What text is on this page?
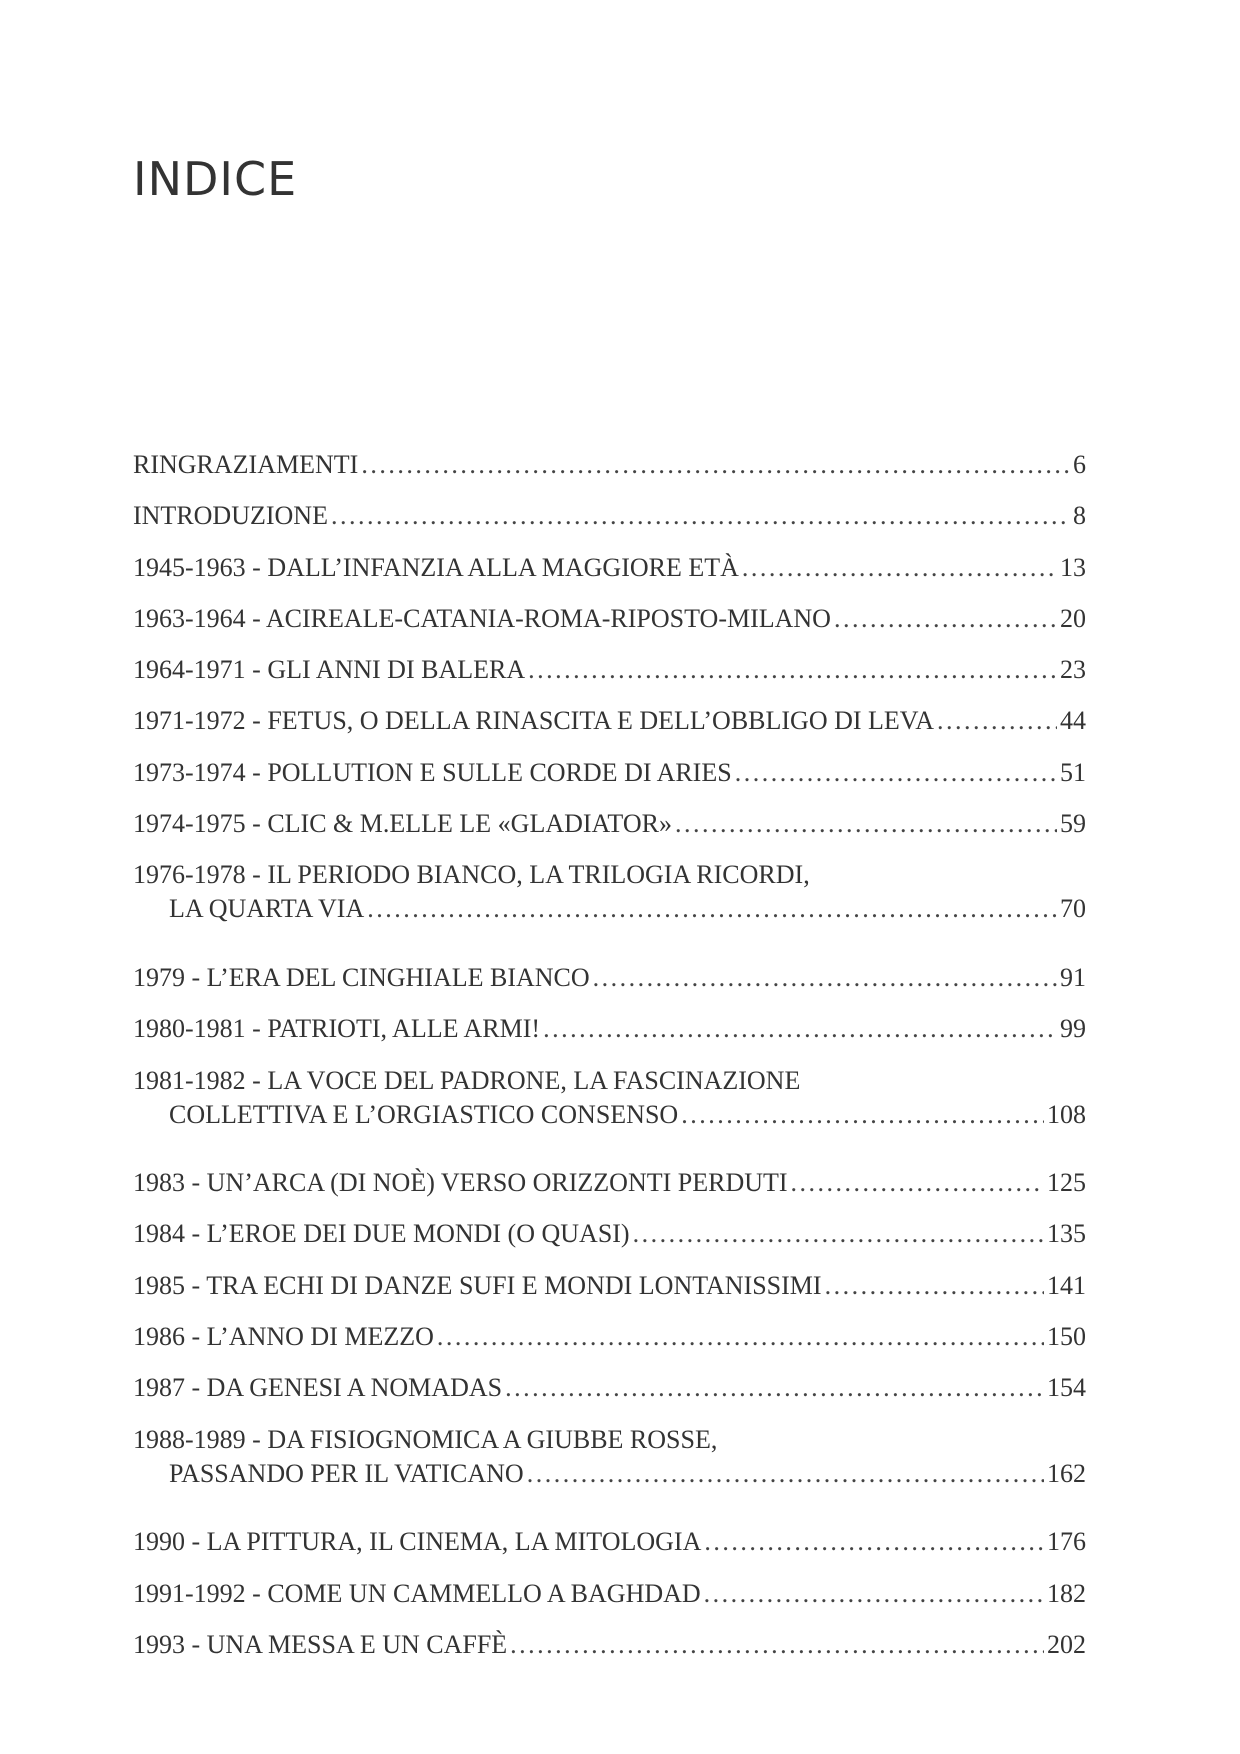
INDICE
RINGRAZIAMENTI . . .	6
INTRODUZIONE . . .	8
1945-1963 - DALL’INFANZIA ALLA MAGGIORE ETÀ . . .	13
1963-1964 - ACIREALE-CATANIA-ROMA-RIPOSTO-MILANO . . .	20
1964-1971 - GLI ANNI DI BALERA . . .	23
1971-1972 - FETUS, O DELLA RINASCITA E DELL’OBBLIGO DI LEVA . . .	44
1973-1974 - POLLUTION E SULLE CORDE DI ARIES . . .	51
1974-1975 - CLIC & M.ELLE LE «GLADIATOR» . . .	59
1976-1978 - IL PERIODO BIANCO, LA TRILOGIA RICORDI,
LA QUARTA VIA . . .	70
1979 - L’ERA DEL CINGHIALE BIANCO . . .	91
1980-1981 - PATRIOTI, ALLE ARMI! . . .	99
1981-1982 - LA VOCE DEL PADRONE, LA FASCINAZIONE
COLLETTIVA E L’ORGIASTICO CONSENSO . . .	108
1983 - UN’ARCA (DI NOÈ) VERSO ORIZZONTI PERDUTI . . .	125
1984 - L’EROE DEI DUE MONDI (O QUASI) . . .	135
1985 - TRA ECHI DI DANZE SUFI E MONDI LONTANISSIMI . . .	141
1986 - L’ANNO DI MEZZO . . .	150
1987 - DA GENESI A NOMADAS . . .	154
1988-1989 - DA FISIOGNOMICA A GIUBBE ROSSE,
PASSANDO PER IL VATICANO . . .	162
1990 - LA PITTURA, IL CINEMA, LA MITOLOGIA . . .	176
1991-1992 - COME UN CAMMELLO A BAGHDAD . . .	182
1993 - UNA MESSA E UN CAFFÈ . . .	202
